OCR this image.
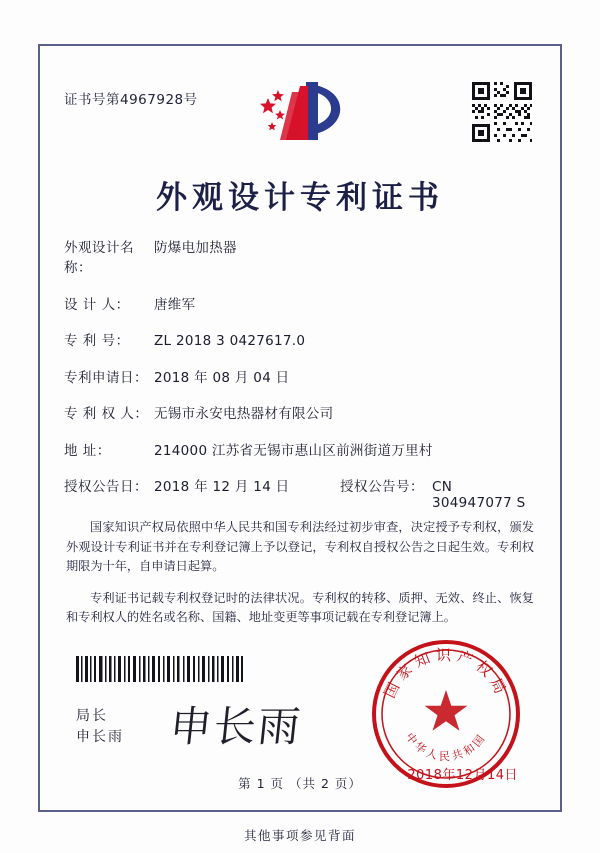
证书号第4967928号
外观设计专利证书
外观设计名称：
防爆电加热器
设 计 人：	唐维军
专 利 号：	ZL 2018 3 0427617.0
专利申请日： 2018 年 08 月 04 日
专 利 权 人： 无锡市永安电热器材有限公司
地 址：	214000 江苏省无锡市惠山区前洲街道万里村
授权公告日： 2018 年 12 月 14 日	授权公告号： CN 304947077 S

国家知识产权局依照中华人民共和国专利法经过初步审查，决定授予专利权，颁发外观设计专利证书并在专利登记簿上予以登记，专利权自授权公告之日起生效。专利权期限为十年，自申请日起算。

专利证书记载专利权登记时的法律状况。专利权的转移、质押、无效、终止、恢复和专利权人的姓名或名称、国籍、地址变更等事项记载在专利登记簿上。

局长
申长雨 申长雨
国家知识产权局
中华人民共和国
2018年12月14日
第 1 页 （共 2 页）
其他事项参见背面
